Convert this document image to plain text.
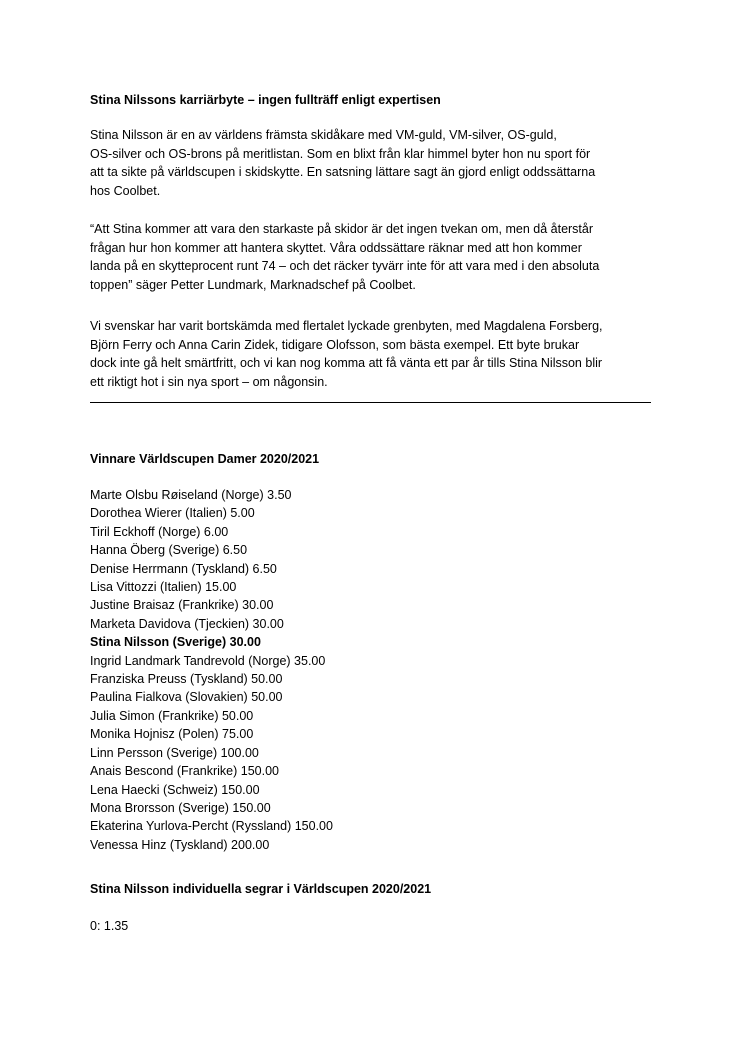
Stina Nilssons karriärbyte – ingen fullträff enligt expertisen
Stina Nilsson är en av världens främsta skidåkare med VM-guld, VM-silver, OS-guld,
OS-silver och OS-brons på meritlistan. Som en blixt från klar himmel byter hon nu sport för
att ta sikte på världscupen i skidskytte. En satsning lättare sagt än gjord enligt oddssättarna
hos Coolbet.
“Att Stina kommer att vara den starkaste på skidor är det ingen tvekan om, men då återstår
frågan hur hon kommer att hantera skyttet. Våra oddssättare räknar med att hon kommer
landa på en skytteprocent runt 74 – och det räcker tyvärr inte för att vara med i den absoluta
toppen” säger Petter Lundmark, Marknadschef på Coolbet.
Vi svenskar har varit bortskämda med flertalet lyckade grenbyten, med Magdalena Forsberg,
Björn Ferry och Anna Carin Zidek, tidigare Olofsson, som bästa exempel. Ett byte brukar
dock inte gå helt smärtfritt, och vi kan nog komma att få vänta ett par år tills Stina Nilsson blir
ett riktigt hot i sin nya sport – om någonsin.
Vinnare Världscupen Damer 2020/2021
Marte Olsbu Røiseland (Norge) 3.50
Dorothea Wierer (Italien) 5.00
Tiril Eckhoff (Norge) 6.00
Hanna Öberg (Sverige) 6.50
Denise Herrmann (Tyskland) 6.50
Lisa Vittozzi (Italien) 15.00
Justine Braisaz (Frankrike) 30.00
Marketa Davidova (Tjeckien) 30.00
Stina Nilsson (Sverige) 30.00
Ingrid Landmark Tandrevold (Norge) 35.00
Franziska Preuss (Tyskland) 50.00
Paulina Fialkova (Slovakien) 50.00
Julia Simon (Frankrike) 50.00
Monika Hojnisz (Polen) 75.00
Linn Persson (Sverige) 100.00
Anais Bescond (Frankrike) 150.00
Lena Haecki (Schweiz) 150.00
Mona Brorsson (Sverige) 150.00
Ekaterina Yurlova-Percht (Ryssland) 150.00
Venessa Hinz (Tyskland) 200.00
Stina Nilsson individuella segrar i Världscupen 2020/2021
0: 1.35
